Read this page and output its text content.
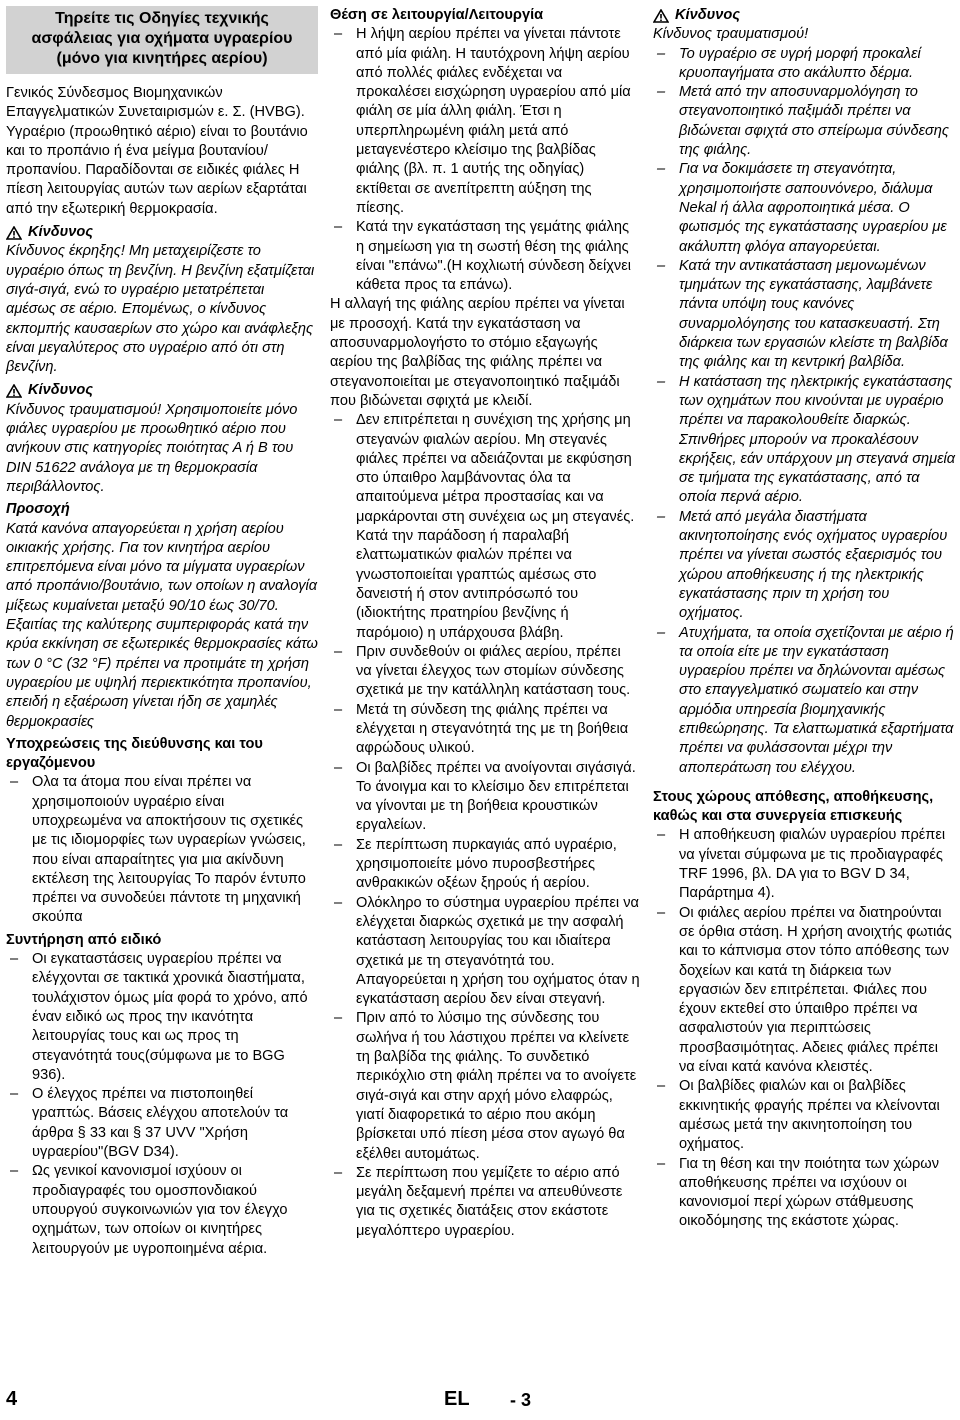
Τηρείτε τις Οδηγίες τεχνικής
ασφάλειας για οχήματα υγραερίου
(μόνο για κινητήρες αερίου)

Γενικός Σύνδεσμος Βιομηχανικών Επαγγελματικών Συνεταιρισμών ε. Σ. (HVBG). Υγραέριο (προωθητικό αέριο) είναι το βουτάνιο και το προπάνιο ή ένα μείγμα βουτανίου/προπανίου. Παραδίδονται σε ειδικές φιάλες Η πίεση λειτουργίας αυτών των αερίων εξαρτάται από την εξωτερική θερμοκρασία.

Κίνδυνος

Κίνδυνος έκρηξης! Μη μεταχειρίζεστε το υγραέριο όπως τη βενζίνη. Η βενζίνη εξατμίζεται σιγά-σιγά, ενώ το υγραέριο μετατρέπεται αμέσως σε αέριο. Επομένως, ο κίνδυνος εκπομπής καυσαερίων στο χώρο και ανάφλεξης είναι μεγαλύτερος στο υγραέριο από ότι στη βενζίνη.

Κίνδυνος

Κίνδυνος τραυματισμού! Χρησιμοποιείτε μόνο φιάλες υγραερίου με προωθητικό αέριο που ανήκουν στις κατηγορίες ποιότητας Α ή Β του DIN 51622 ανάλογα με τη θερμοκρασία περιβάλλοντος.

Προσοχή

Κατά κανόνα απαγορεύεται η χρήση αερίου οικιακής χρήσης. Για τον κινητήρα αερίου επιτρεπόμενα είναι μόνο τα μίγματα υγραερίων από προπάνιο/βουτάνιο, των οποίων η αναλογία μίξεως κυμαίνεται μεταξύ 90/10 έως 30/70. Εξαιτίας της καλύτερης συμπεριφοράς κατά την κρύα εκκίνηση σε εξωτερικές θερμοκρασίες κάτω των 0 °C (32 °F) πρέπει να προτιμάτε τη χρήση υγραερίου με υψηλή περιεκτικότητα προπανίου, επειδή η εξαέρωση γίνεται ήδη σε χαμηλές θερμοκρασίες

Υποχρεώσεις της διεύθυνσης και του εργαζόμενου

– Ολα τα άτομα που είναι πρέπει να χρησιμοποιούν υγραέριο είναι υποχρεωμένα να αποκτήσουν τις σχετικές με τις ιδιομορφίες των υγραερίων γνώσεις, που είναι απαραίτητες για μια ακίνδυνη εκτέλεση της λειτουργίας Το παρόν έντυπο πρέπει να συνοδεύει πάντοτε τη μηχανική σκούπα

Συντήρηση από ειδικό

– Οι εγκαταστάσεις υγραερίου πρέπει να ελέγχονται σε τακτικά χρονικά διαστήματα, τουλάχιστον όμως μία φορά το χρόνο, από έναν ειδικό ως προς την ικανότητα λειτουργίας τους και ως προς τη στεγανότητά τους(σύμφωνα με το BGG 936).
– Ο έλεγχος πρέπει να πιστοποιηθεί γραπτώς. Βάσεις ελέγχου αποτελούν τα άρθρα § 33 και § 37 UVV "Χρήση υγραερίου"(BGV D34).
– Ως γενικοί κανονισμοί ισχύουν οι προδιαγραφές του ομοσπονδιακού υπουργού συγκοινωνιών για τον έλεγχο οχημάτων, των οποίων οι κινητήρες λειτουργούν με υγροποιημένα αέρια.

Θέση σε λειτουργία/Λειτουργία

– Η λήψη αερίου πρέπει να γίνεται πάντοτε από μία φιάλη. Η ταυτόχρονη λήψη αερίου από πολλές φιάλες ενδέχεται να προκαλέσει εισχώρηση υγραερίου από μία φιάλη σε μία άλλη φιάλη. Έτσι η υπερπληρωμένη φιάλη μετά από μεταγενέστερο κλείσιμο της βαλβίδας φιάλης (βλ. π. 1 αυτής της οδηγίας) εκτίθεται σε ανεπίτρεπτη αύξηση της πίεσης.
– Κατά την εγκατάσταση της γεμάτης φιάλης η σημείωση για τη σωστή θέση της φιάλης είναι "επάνω".(Η κοχλιωτή σύνδεση δείχνει κάθετα προς τα επάνω).

Η αλλαγή της φιάλης αερίου πρέπει να γίνεται με προσοχή. Κατά την εγκατάσταση να αποσυναρμολογήστο το στόμιο εξαγωγής αερίου της βαλβίδας της φιάλης πρέπει να στεγανοποιείται με στεγανοποιητικό παξιμάδι που βιδώνεται σφιχτά με κλειδί.

– Δεν επιτρέπεται η συνέχιση της χρήσης μη στεγανών φιαλών αερίου. Μη στεγανές φιάλες πρέπει να αδειάζονται με εκφύσηση στο ύπαιθρο λαμβάνοντας όλα τα απαιτούμενα μέτρα προστασίας και να μαρκάρονται στη συνέχεια ως μη στεγανές. Κατά την παράδοση ή παραλαβή ελαττωματικών φιαλών πρέπει να γνωστοποιείται γραπτώς αμέσως στο δανειστή ή στον αντιπρόσωπό του (ιδιοκτήτης πρατηρίου βενζίνης ή παρόμοιο) η υπάρχουσα βλάβη.
– Πριν συνδεθούν οι φιάλες αερίου, πρέπει να γίνεται έλεγχος των στομίων σύνδεσης σχετικά με την κατάλληλη κατάσταση τους.
– Μετά τη σύνδεση της φιάλης πρέπει να ελέγχεται η στεγανότητά της με τη βοήθεια αφρώδους υλικού.
– Οι βαλβίδες πρέπει να ανοίγονται σιγάσιγά. Το άνοιγμα και το κλείσιμο δεν επιτρέπεται να γίνονται με τη βοήθεια κρουστικών εργαλείων.
– Σε περίπτωση πυρκαγιάς από υγραέριο, χρησιμοποιείτε μόνο πυροσβεστήρες ανθρακικών οξέων ξηρούς ή αερίου.
– Ολόκληρο το σύστημα υγραερίου πρέπει να ελέγχεται διαρκώς σχετικά με την ασφαλή κατάσταση λειτουργίας του και ιδιαίτερα σχετικά με τη στεγανότητά του. Απαγορεύεται η χρήση του οχήματος όταν η εγκατάσταση αερίου δεν είναι στεγανή.
– Πριν από το λύσιμο της σύνδεσης του σωλήνα ή του λάστιχου πρέπει να κλείνετε τη βαλβίδα της φιάλης. Το συνδετικό περικόχλιο στη φιάλη πρέπει να το ανοίγετε σιγά-σιγά και στην αρχή μόνο ελαφρώς, γιατί διαφορετικά το αέριο που ακόμη βρίσκεται υπό πίεση μέσα στον αγωγό θα εξέλθει αυτομάτως.
– Σε περίπτωση που γεμίζετε το αέριο από μεγάλη δεξαμενή πρέπει να απευθύνεστε για τις σχετικές διατάξεις στον εκάστοτε μεγαλόπτερο υγραερίου.
Κίνδυνος

Κίνδυνος τραυματισμού!

– Το υγραέριο σε υγρή μορφή προκαλεί κρυοπαγήματα στο ακάλυπτο δέρμα.
– Μετά από την αποσυναρμολόγηση το στεγανοποιητικό παξιμάδι πρέπει να βιδώνεται σφιχτά στο σπείρωμα σύνδεσης της φιάλης.
– Για να δοκιμάσετε τη στεγανότητα, χρησιμοποιήστε σαπουνόνερο, διάλυμα Nekal ή άλλα αφροποιητικά μέσα. Ο φωτισμός της εγκατάστασης υγραερίου με ακάλυπτη φλόγα απαγορεύεται.
– Κατά την αντικατάσταση μεμονωμένων τμημάτων της εγκατάστασης, λαμβάνετε πάντα υπόψη τους κανόνες συναρμολόγησης του κατασκευαστή. Στη διάρκεια των εργασιών κλείστε τη βαλβίδα της φιάλης και τη κεντρική βαλβίδα.
– Η κατάσταση της ηλεκτρικής εγκατάστασης των οχημάτων που κινούνται με υγραέριο πρέπει να παρακολουθείτε διαρκώς. Σπινθήρες μπορούν να προκαλέσουν εκρήξεις, εάν υπάρχουν μη στεγανά σημεία σε τμήματα της εγκατάστασης, από τα οποία περνά αέριο.
– Μετά από μεγάλα διαστήματα ακινητοποίησης ενός οχήματος υγραερίου πρέπει να γίνεται σωστός εξαερισμός του χώρου αποθήκευσης ή της ηλεκτρικής εγκατάστασης πριν τη χρήση του οχήματος.
– Ατυχήματα, τα οποία σχετίζονται με αέριο ή τα οποία είτε με την εγκατάσταση υγραερίου πρέπει να δηλώνονται αμέσως στο επαγγελματικό σωματείο και στην αρμόδια υπηρεσία βιομηχανικής επιθεώρησης. Τα ελαττωματικά εξαρτήματα πρέπει να φυλάσσονται μέχρι την αποπεράτωση του ελέγχου.

Στους χώρους απόθεσης, αποθήκευσης, καθώς και στα συνεργεία επισκευής

– Η αποθήκευση φιαλών υγραερίου πρέπει να γίνεται σύμφωνα με τις προδιαγραφές TRF 1996, βλ. DA για το BGV D 34, Παράρτημα 4).
– Οι φιάλες αερίου πρέπει να διατηρούνται σε όρθια στάση. Η χρήση ανοιχτής φωτιάς και το κάπνισμα στον τόπο απόθεσης των δοχείων και κατά τη διάρκεια των εργασιών δεν επιτρέπεται. Φιάλες που έχουν εκτεθεί στο ύπαιθρο πρέπει να ασφαλιστούν για περιπτώσεις προσβασιμότητας. Αδειες φιάλες πρέπει να είναι κατά κανόνα κλειστές.
– Οι βαλβίδες φιαλών και οι βαλβίδες εκκινητικής φραγής πρέπει να κλείνονται αμέσως μετά την ακινητοποίηση του οχήματος.
– Για τη θέση και την ποιότητα των χώρων αποθήκευσης πρέπει να ισχύουν οι κανονισμοί περί χώρων στάθμευσης οικοδόμησης της εκάστοτε χώρας.
4	EL - 3
